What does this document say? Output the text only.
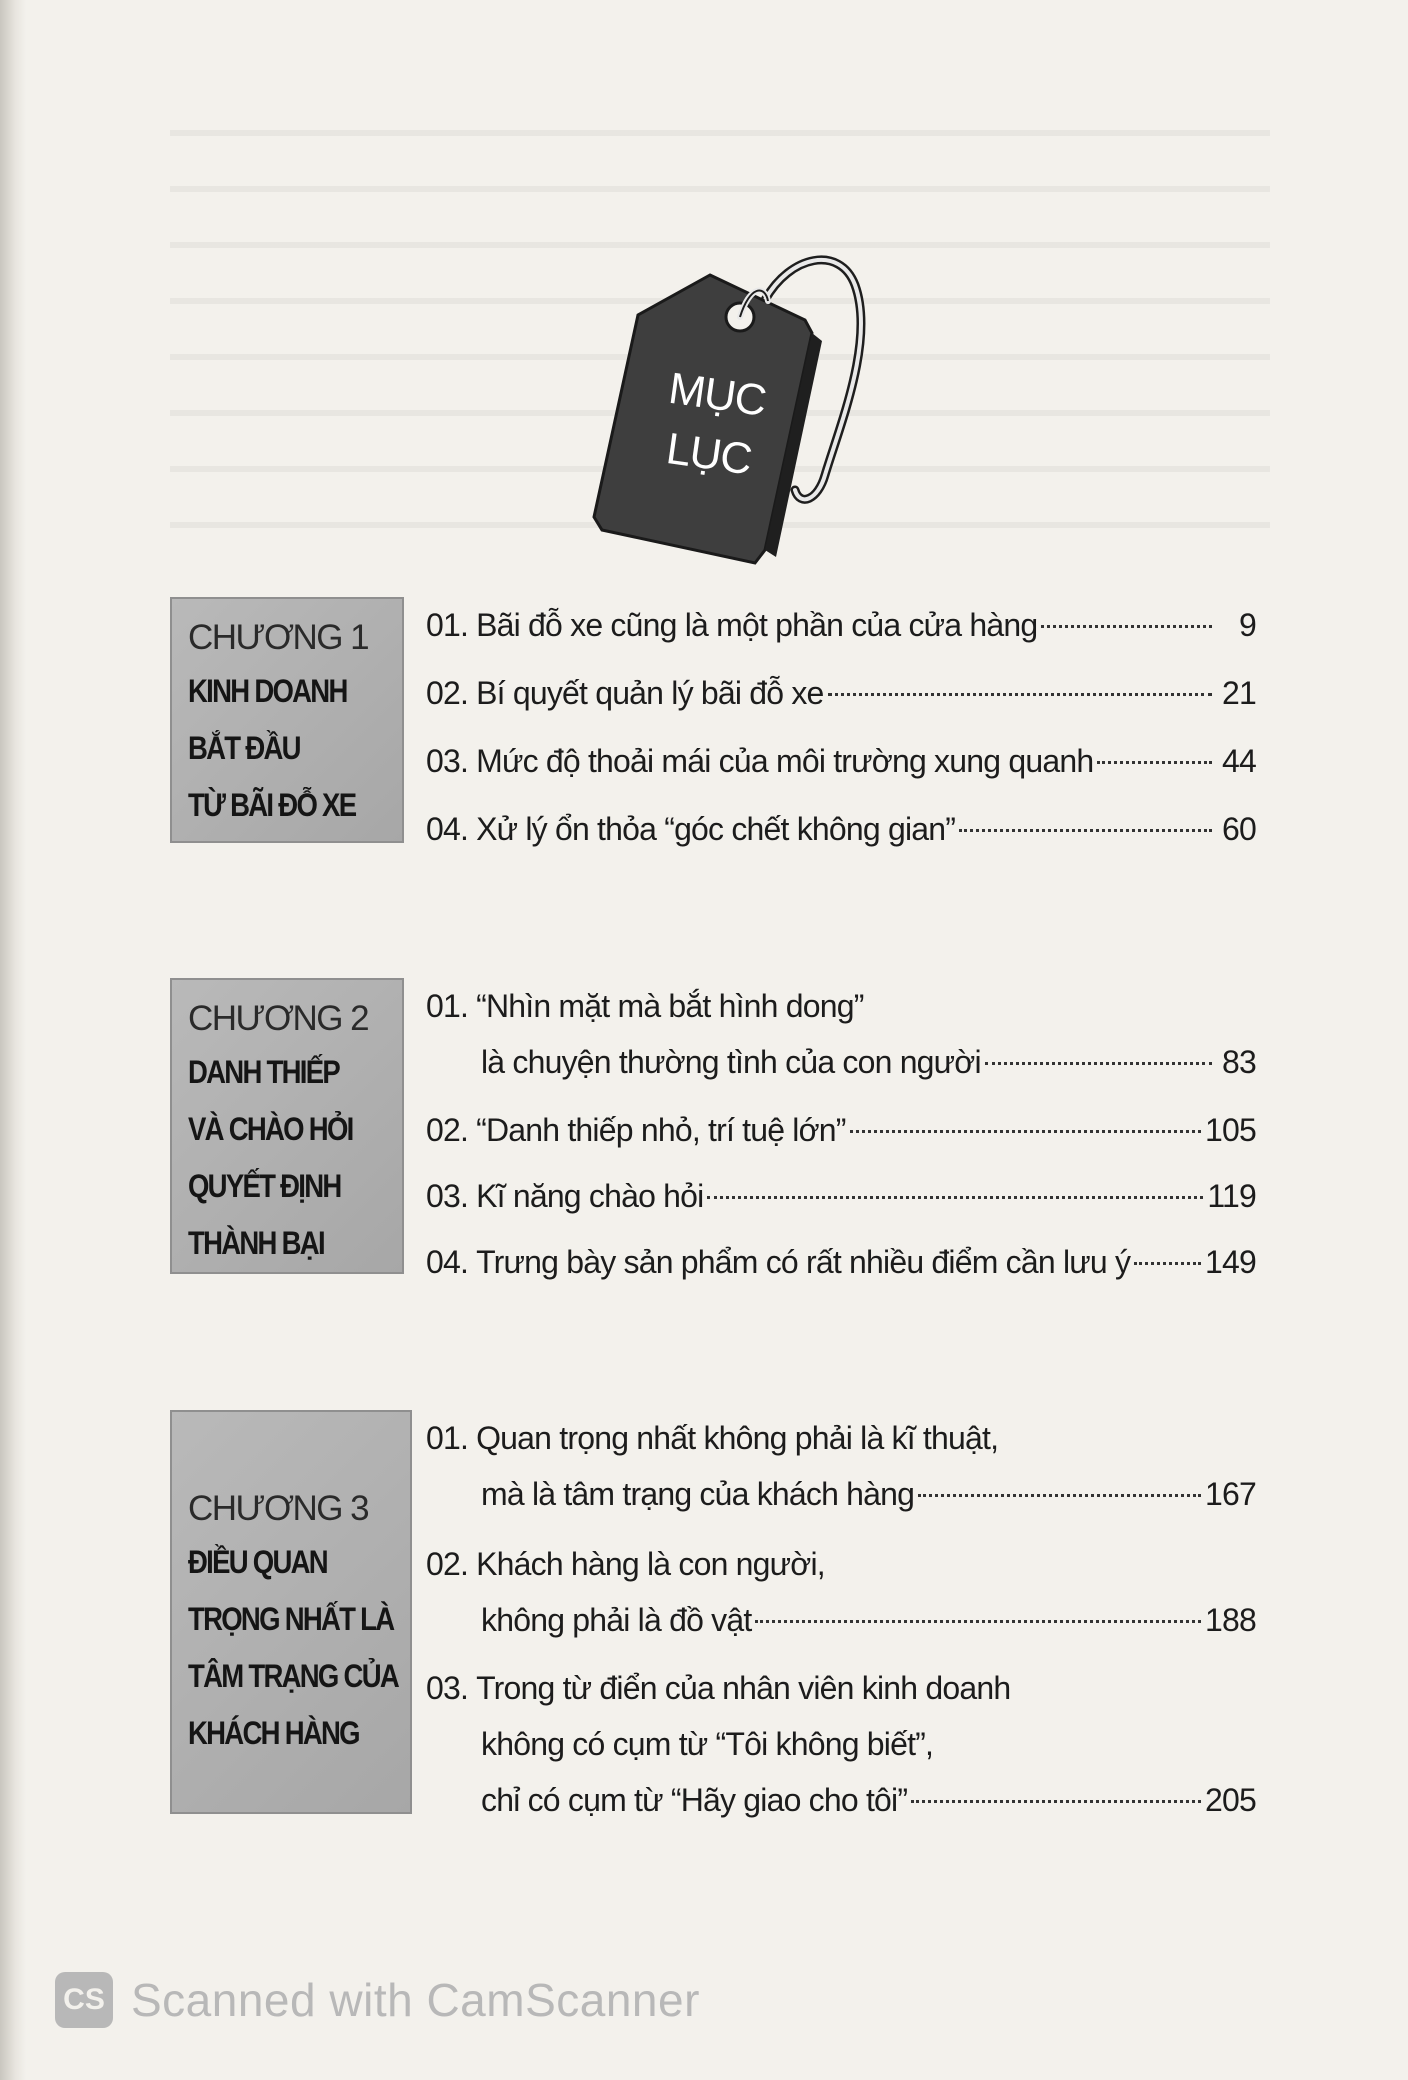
MỤC
LỤC

CHƯƠNG 1

KINH DOANH

BẮT ĐẦU

TỪ BÃI ĐỖ XE

01. Bãi đỗ xe cũng là một phần của cửa hàng	9
02. Bí quyết quản lý bãi đỗ xe	21
03. Mức độ thoải mái của môi trường xung quanh	44
04. Xử lý ổn thỏa “góc chết không gian”	60

CHƯƠNG 2

DANH THIẾP

VÀ CHÀO HỎI

QUYẾT ĐỊNH

THÀNH BẠI

01. “Nhìn mặt mà bắt hình dong”
là chuyện thường tình của con người	83
02. “Danh thiếp nhỏ, trí tuệ lớn”	105
03. Kĩ năng chào hỏi	119
04. Trưng bày sản phẩm có rất nhiều điểm cần lưu ý 149

CHƯƠNG 3

ĐIỀU QUAN

TRỌNG NHẤT LÀ

TÂM TRẠNG CỦA

KHÁCH HÀNG

01. Quan trọng nhất không phải là kĩ thuật,
mà là tâm trạng của khách hàng	167
02. Khách hàng là con người,
không phải là đồ vật	188
03. Trong từ điển của nhân viên kinh doanh
không có cụm từ “Tôi không biết”,
chỉ có cụm từ “Hãy giao cho tôi”	205
CS Scanned with CamScanner
